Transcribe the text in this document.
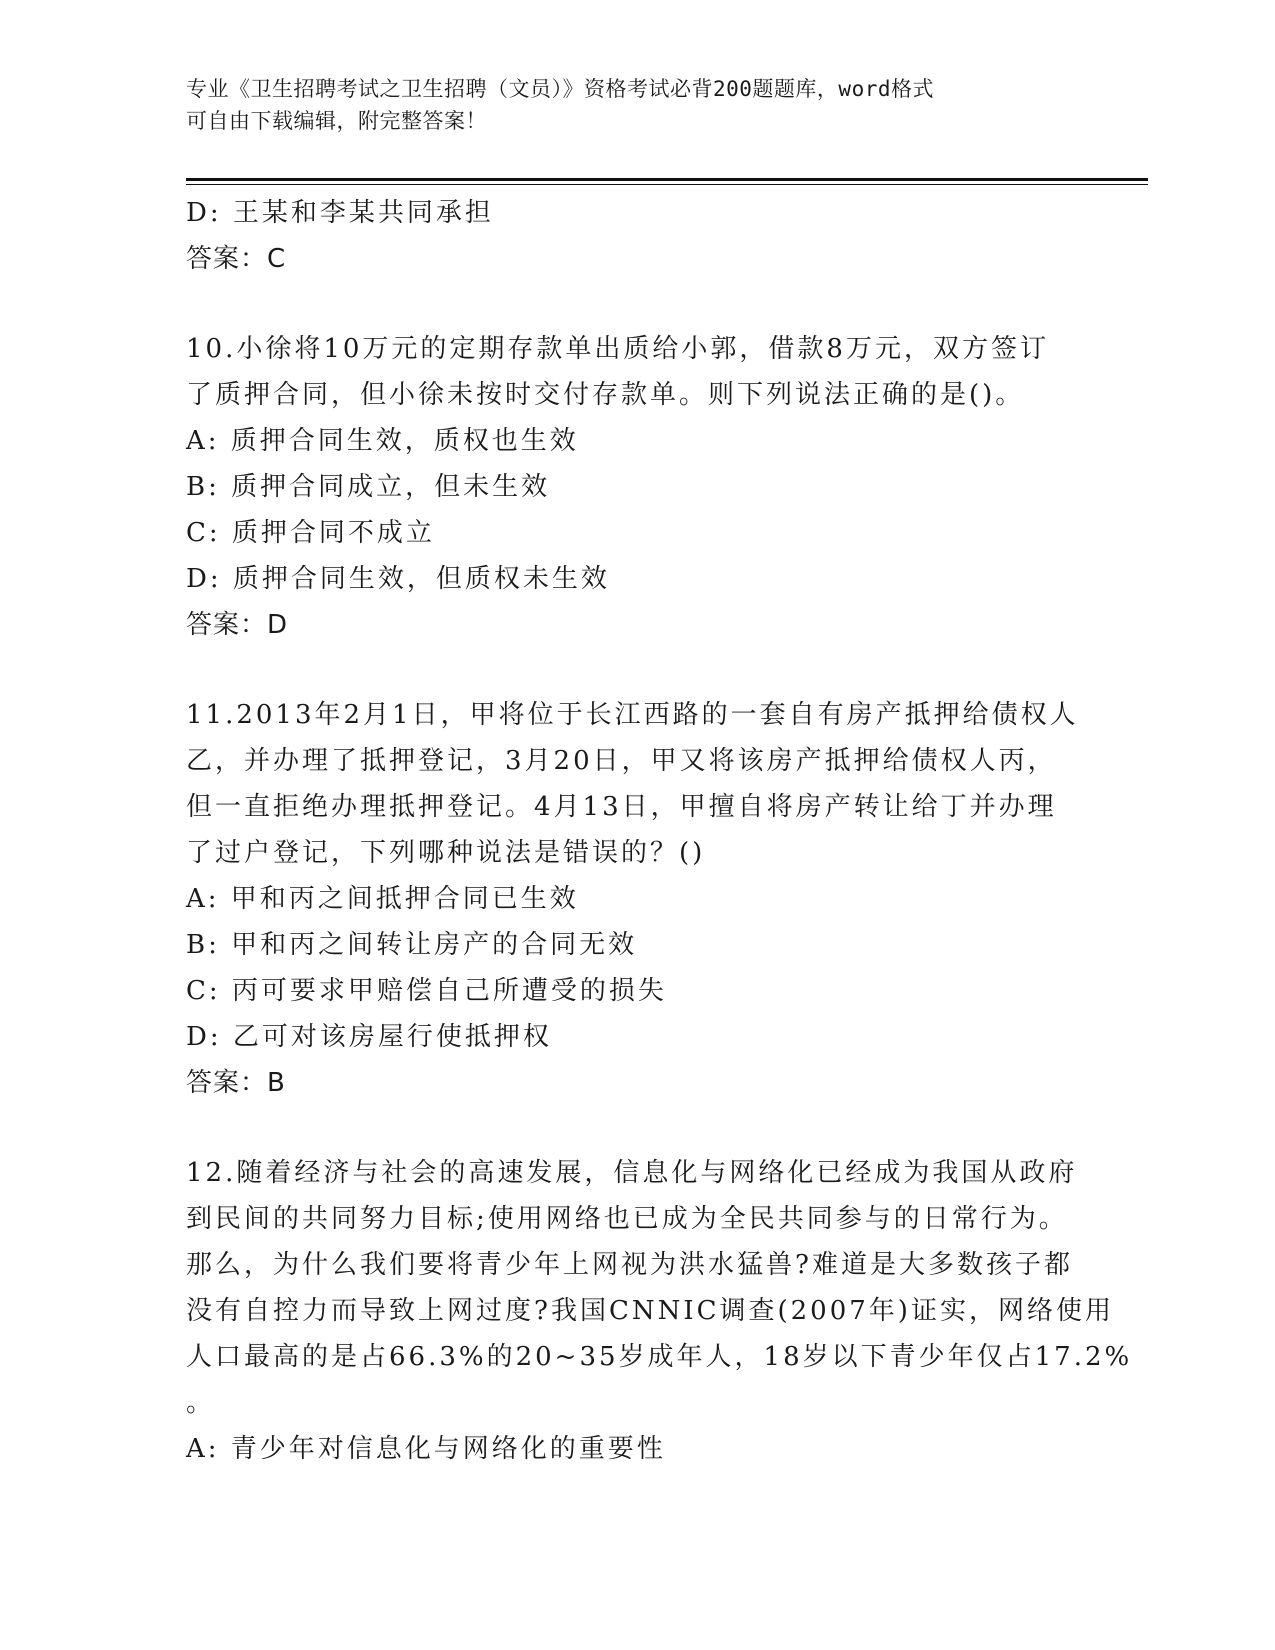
专业《卫生招聘考试之卫生招聘（文员）》资格考试必背200题题库，word格式
可自由下载编辑，附完整答案！
D: 王某和李某共同承担
答案：C
10.小徐将10万元的定期存款单出质给小郭，借款8万元，双方签订
了质押合同，但小徐未按时交付存款单。则下列说法正确的是()。
A: 质押合同生效，质权也生效
B: 质押合同成立，但未生效
C: 质押合同不成立
D: 质押合同生效，但质权未生效
答案：D
11.2013年2月1日，甲将位于长江西路的一套自有房产抵押给债权人
乙，并办理了抵押登记，3月20日，甲又将该房产抵押给债权人丙，
但一直拒绝办理抵押登记。4月13日，甲擅自将房产转让给丁并办理
了过户登记，下列哪种说法是错误的？()
A: 甲和丙之间抵押合同已生效
B: 甲和丙之间转让房产的合同无效
C: 丙可要求甲赔偿自己所遭受的损失
D: 乙可对该房屋行使抵押权
答案：B
12.随着经济与社会的高速发展，信息化与网络化已经成为我国从政府
到民间的共同努力目标;使用网络也已成为全民共同参与的日常行为。
那么，为什么我们要将青少年上网视为洪水猛兽?难道是大多数孩子都
没有自控力而导致上网过度?我国CNNIC调查(2007年)证实，网络使用
人口最高的是占66.3%的20~35岁成年人，18岁以下青少年仅占17.2%
。
A: 青少年对信息化与网络化的重要性
